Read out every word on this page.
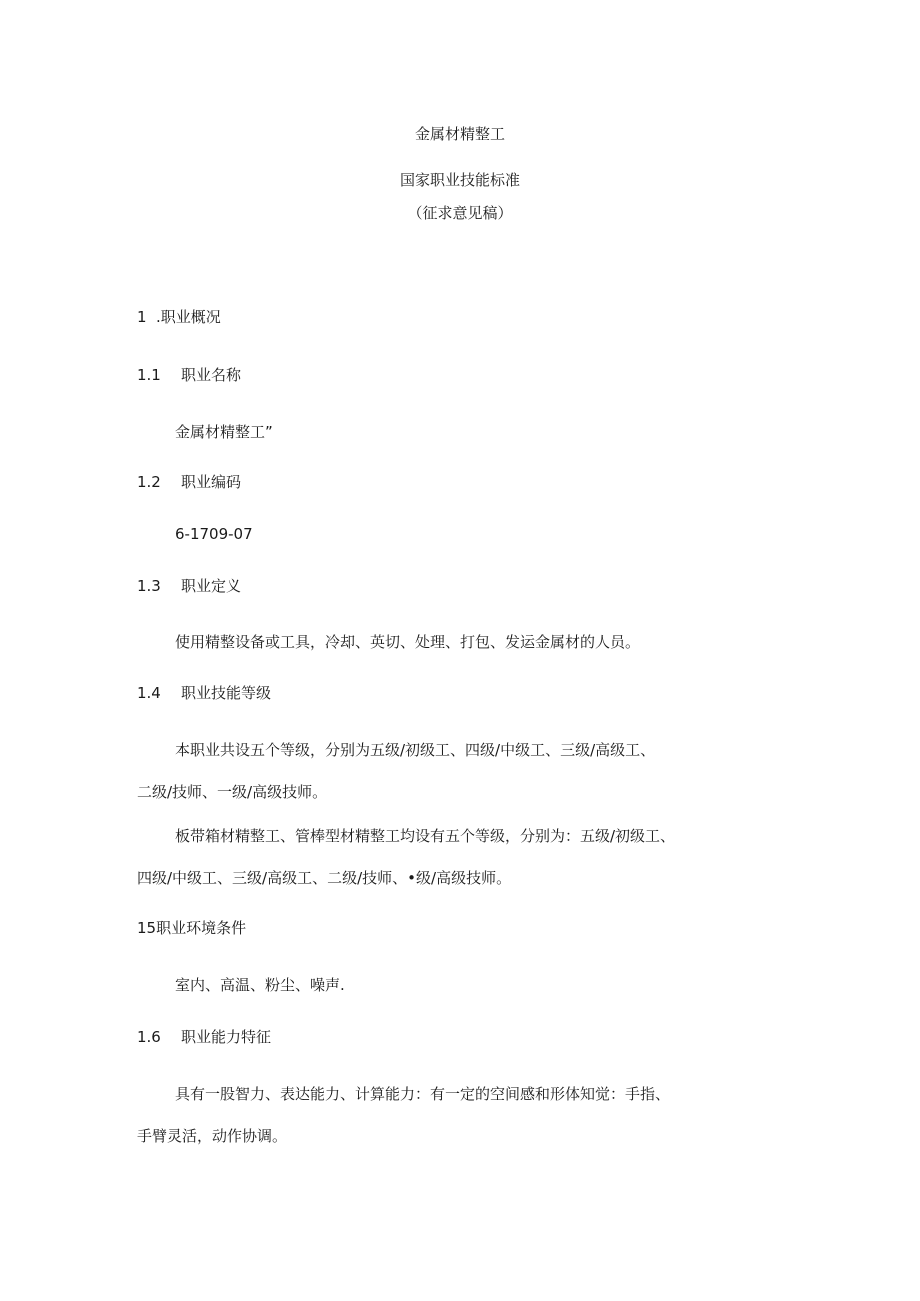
金属材精整工
国家职业技能标准
（征求意见稿）
1 .职业概况
1.1 职业名称
金属材精整工”
1.2 职业编码
6-1709-07
1.3 职业定义
使用精整设备或工具，冷却、英切、处理、打包、发运金属材的人员。
1.4 职业技能等级
本职业共设五个等级，分别为五级/初级工、四级/中级工、三级/高级工、
二级/技师、一级/高级技师。
板带箱材精整工、管棒型材精整工均设有五个等级，分别为：五级/初级工、
四级/中级工、三级/高级工、二级/技师、•级/高级技师。
15职业环境条件
室内、高温、粉尘、噪声.
1.6 职业能力特征
具有一股智力、表达能力、计算能力：有一定的空间感和形体知觉：手指、
手臂灵活，动作协调。
